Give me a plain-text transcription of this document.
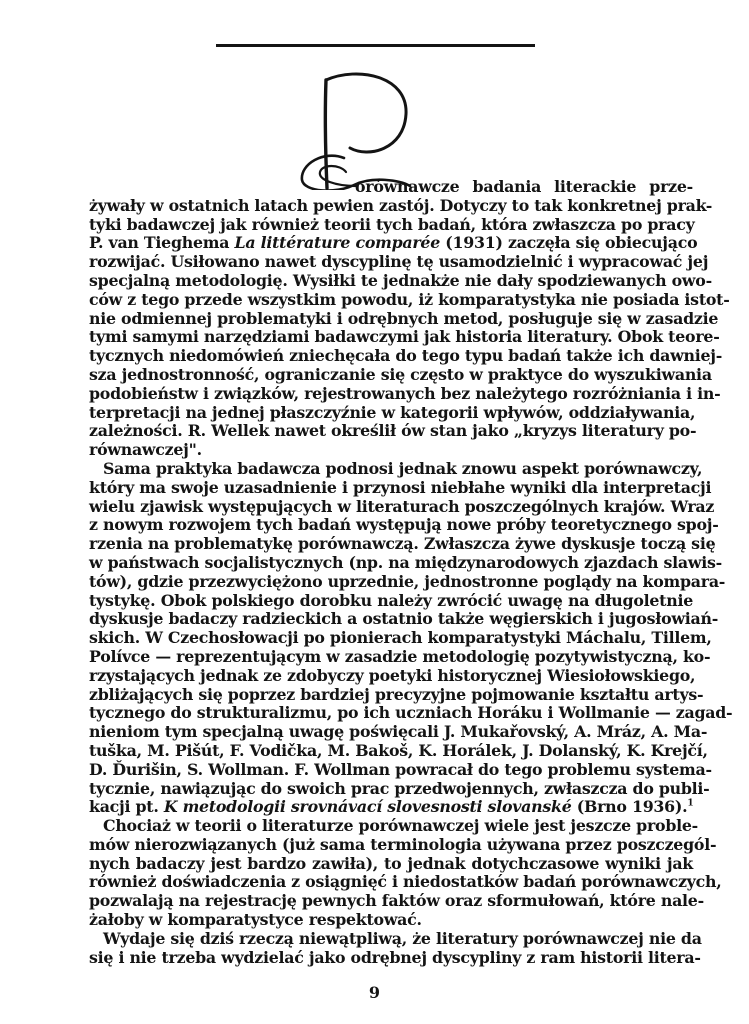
orównawcze badania literackie prze-
żywały w ostatnich latach pewien zastój. Dotyczy to tak konkretnej prak-
tyki badawczej jak również teorii tych badań, która zwłaszcza po pracy
P. van Tieghema La littérature comparée (1931) zaczęła się obiecująco
rozwijać. Usiłowano nawet dyscyplinę tę usamodzielnić i wypracować jej
specjalną metodologię. Wysiłki te jednakże nie dały spodziewanych owo-
ców z tego przede wszystkim powodu, iż komparatystyka nie posiada istot-
nie odmiennej problematyki i odrębnych metod, posługuje się w zasadzie
tymi samymi narzędziami badawczymi jak historia literatury. Obok teore-
tycznych niedomówień zniechęcała do tego typu badań także ich dawniej-
sza jednostronność, ograniczanie się często w praktyce do wyszukiwania
podobieństw i związków, rejestrowanych bez należytego rozróżniania i in-
terpretacji na jednej płaszczyźnie w kategorii wpływów, oddziaływania,
zależności. R. Wellek nawet określił ów stan jako „kryzys literatury po-
równawczej".
Sama praktyka badawcza podnosi jednak znowu aspekt porównawczy,
który ma swoje uzasadnienie i przynosi niebłahe wyniki dla interpretacji
wielu zjawisk występujących w literaturach poszczególnych krajów. Wraz
z nowym rozwojem tych badań występują nowe próby teoretycznego spoj-
rzenia na problematykę porównawczą. Zwłaszcza żywe dyskusje toczą się
w państwach socjalistycznych (np. na międzynarodowych zjazdach slawis-
tów), gdzie przezwyciężono uprzednie, jednostronne poglądy na kompara-
tystykę. Obok polskiego dorobku należy zwrócić uwagę na długoletnie
dyskusje badaczy radzieckich a ostatnio także węgierskich i jugosłowiań-
skich. W Czechosłowacji po pionierach komparatystyki Máchalu, Tillem,
Polívce — reprezentującym w zasadzie metodologię pozytywistyczną, ko-
rzystających jednak ze zdobyczy poetyki historycznej Wiesiołowskiego,
zbliżających się poprzez bardziej precyzyjne pojmowanie kształtu artys-
tycznego do strukturalizmu, po ich uczniach Horáku i Wollmanie — zagad-
nieniom tym specjalną uwagę poświęcali J. Mukařovský, A. Mráz, A. Ma-
tuška, M. Pišút, F. Vodička, M. Bakoš, K. Horálek, J. Dolanský, K. Krejčí,
D. Ďurišin, S. Wollman. F. Wollman powracał do tego problemu systema-
tycznie, nawiązując do swoich prac przedwojennych, zwłaszcza do publi-
kacji pt. K metodologii srovnávací slovesnosti slovanské (Brno 1936).$^1$
Chociaż w teorii o literaturze porównawczej wiele jest jeszcze proble-
mów nierozwiązanych (już sama terminologia używana przez poszczegól-
nych badaczy jest bardzo zawiła), to jednak dotychczasowe wyniki jak
również doświadczenia z osiągnięć i niedostatków badań porównawczych,
pozwalają na rejestrację pewnych faktów oraz sformułowań, które nale-
żałoby w komparatystyce respektować.
Wydaje się dziś rzeczą niewątpliwą, że literatury porównawczej nie da
się i nie trzeba wydzielać jako odrębnej dyscypliny z ram historii litera-
9
